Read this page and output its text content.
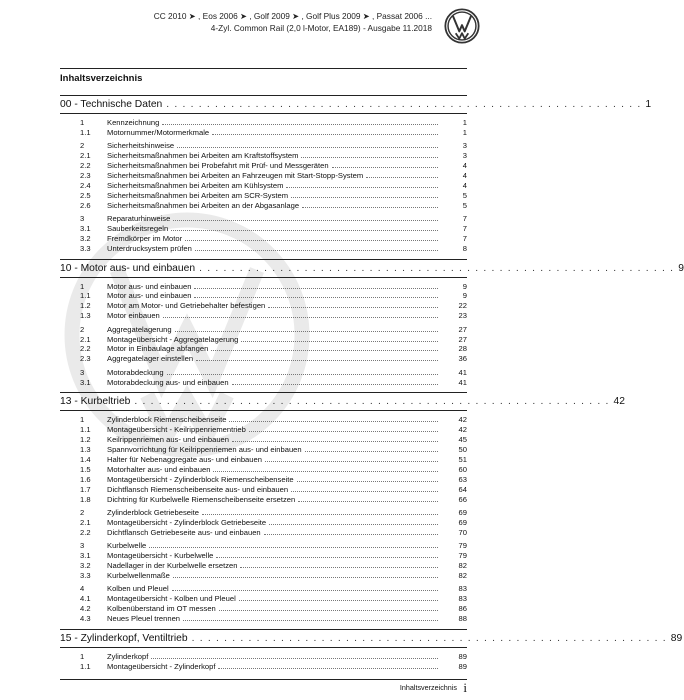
CC 2010 ➤ , Eos 2006 ➤ , Golf 2009 ➤ , Golf Plus 2009 ➤ , Passat 2006 ...
4-Zyl. Common Rail (2,0 l-Motor, EA189) - Ausgabe 11.2018
Inhaltsverzeichnis
00 - Technische Daten . . . . . . . . . . . . . . . . . . . . . . . . . . . . . . . . . . . . . . . . . . . . . . . . . . . . . . . . . . . 1
1	Kennzeichnung	1
1.1	Motornummer/Motormerkmale	1
2	Sicherheitshinweise	3
2.1	Sicherheitsmaßnahmen bei Arbeiten am Kraftstoffsystem	3
2.2	Sicherheitsmaßnahmen bei Probefahrt mit Prüf- und Messgeräten	4
2.3	Sicherheitsmaßnahmen bei Arbeiten an Fahrzeugen mit Start-Stopp-System	4
2.4	Sicherheitsmaßnahmen bei Arbeiten am Kühlsystem	4
2.5	Sicherheitsmaßnahmen bei Arbeiten am SCR-System	5
2.6	Sicherheitsmaßnahmen bei Arbeiten an der Abgasanlage	5
3	Reparaturhinweise	7
3.1	Sauberkeitsregeln	7
3.2	Fremdkörper im Motor	7
3.3	Unterdrucksystem prüfen	8
10 - Motor aus- und einbauen . . . . . . . . . . . . . . . . . . . . . . . . . . . . . . . . . . . . . . . . . . . . . . . . . . . . . . . . . . . 9
1	Motor aus- und einbauen	9
1.1	Motor aus- und einbauen	9
1.2	Motor am Motor- und Getriebehalter befestigen	22
1.3	Motor einbauen	23
2	Aggregatelagerung	27
2.1	Montageübersicht - Aggregatelagerung	27
2.2	Motor in Einbaulage abfangen	28
2.3	Aggregatelager einstellen	36
3	Motorabdeckung	41
3.1	Motorabdeckung aus- und einbauen	41
13 - Kurbeltrieb . . . . . . . . . . . . . . . . . . . . . . . . . . . . . . . . . . . . . . . . . . . . . . . . . . . . . . . . . . . 42
1	Zylinderblock Riemenscheibenseite	42
1.1	Montageübersicht - Keilrippenriementrieb	42
1.2	Keilrippenriemen aus- und einbauen	45
1.3	Spannvorrichtung für Keilrippenriemen aus- und einbauen	50
1.4	Halter für Nebenaggregate aus- und einbauen	51
1.5	Motorhalter aus- und einbauen	60
1.6	Montageübersicht - Zylinderblock Riemenscheibenseite	63
1.7	Dichtflansch Riemenscheibenseite aus- und einbauen	64
1.8	Dichtring für Kurbelwelle Riemenscheibenseite ersetzen	66
2	Zylinderblock Getriebeseite	69
2.1	Montageübersicht - Zylinderblock Getriebeseite	69
2.2	Dichtflansch Getriebeseite aus- und einbauen	70
3	Kurbelwelle	79
3.1	Montageübersicht - Kurbelwelle	79
3.2	Nadellager in der Kurbelwelle ersetzen	82
3.3	Kurbelwellenmaße	82
4	Kolben und Pleuel	83
4.1	Montageübersicht - Kolben und Pleuel	83
4.2	Kolbenüberstand im OT messen	86
4.3	Neues Pleuel trennen	88
15 - Zylinderkopf, Ventiltrieb . . . . . . . . . . . . . . . . . . . . . . . . . . . . . . . . . . . . . . . . . . . . . . . . . . . . . . . . . . . 89
1	Zylinderkopf	89
1.1	Montageübersicht - Zylinderkopf	89
Inhaltsverzeichnis i
